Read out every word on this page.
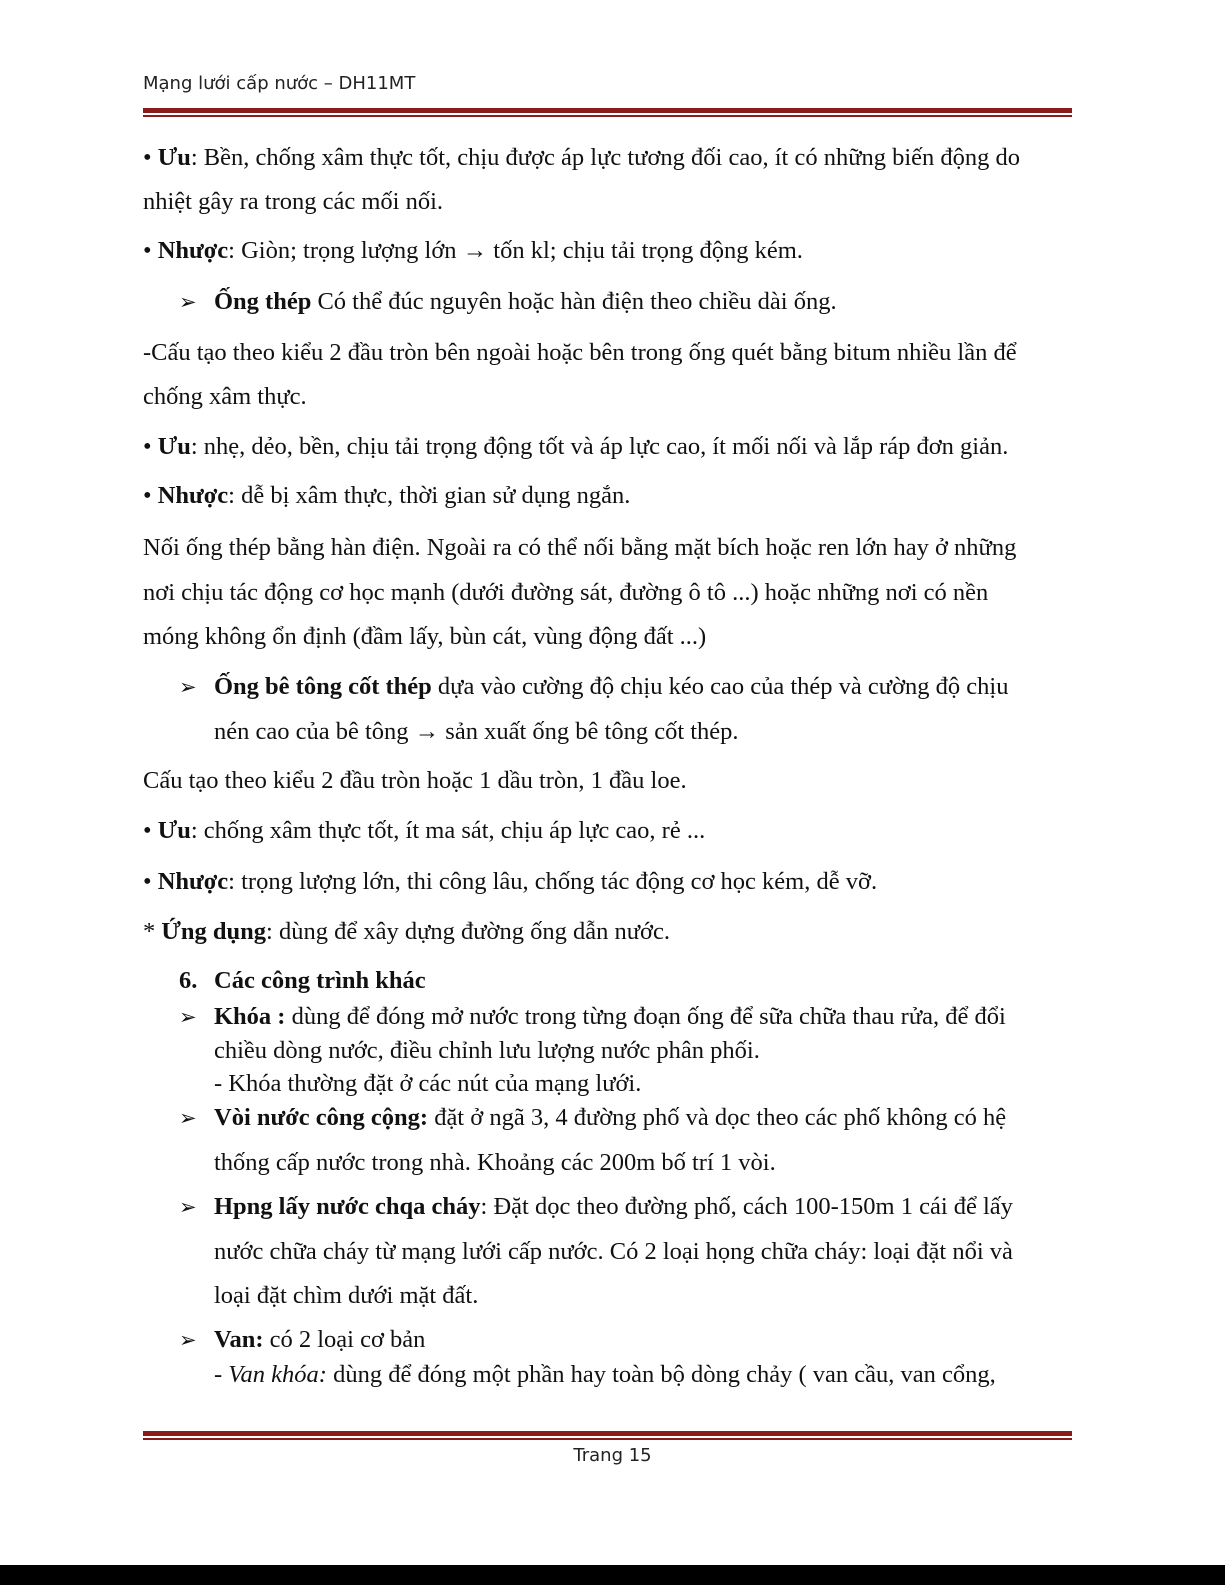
Mạng lưới cấp nước – DH11MT
• Ưu: Bền, chống xâm thực tốt, chịu được áp lực tương đối cao, ít có những biến động do
nhiệt gây ra trong các mối nối.
• Nhược: Giòn; trọng lượng lớn → tốn kl; chịu tải trọng động kém.
➢ Ống thép Có thể đúc nguyên hoặc hàn điện theo chiều dài ống.
-Cấu tạo theo kiểu 2 đầu tròn bên ngoài hoặc bên trong ống quét bằng bitum nhiều lần để
chống xâm thực.
• Ưu: nhẹ, dẻo, bền, chịu tải trọng động tốt và áp lực cao, ít mối nối và lắp ráp đơn giản.
• Nhược: dễ bị xâm thực, thời gian sử dụng ngắn.
Nối ống thép bằng hàn điện. Ngoài ra có thể nối bằng mặt bích hoặc ren lớn hay ở những
nơi chịu tác động cơ học mạnh (dưới đường sát, đường ô tô ...) hoặc những nơi có nền
móng không ổn định (đầm lấy, bùn cát, vùng động đất ...)
➢ Ống bê tông cốt thép dựa vào cường độ chịu kéo cao của thép và cường độ chịu
nén cao của bê tông → sản xuất ống bê tông cốt thép.
Cấu tạo theo kiểu 2 đầu tròn hoặc 1 dầu tròn, 1 đầu loe.
• Ưu: chống xâm thực tốt, ít ma sát, chịu áp lực cao, rẻ ...
• Nhược: trọng lượng lớn, thi công lâu, chống tác động cơ học kém, dễ vỡ.
* Ứng dụng: dùng để xây dựng đường ống dẫn nước.
6. Các công trình khác
➢ Khóa : dùng để đóng mở nước trong từng đoạn ống để sữa chữa thau rửa, để đổi
chiều dòng nước, điều chỉnh lưu lượng nước phân phối.
- Khóa thường đặt ở các nút của mạng lưới.
➢ Vòi nước công cộng: đặt ở ngã 3, 4 đường phố và dọc theo các phố không có hệ
thống cấp nước trong nhà. Khoảng các 200m bố trí 1 vòi.
➢ Hpng lấy nước chqa cháy: Đặt dọc theo đường phố, cách 100-150m 1 cái để lấy
nước chữa cháy từ mạng lưới cấp nước. Có 2 loại họng chữa cháy: loại đặt nổi và
loại đặt chìm dưới mặt đất.
➢ Van: có 2 loại cơ bản
- Van khóa: dùng để đóng một phần hay toàn bộ dòng chảy ( van cầu, van cổng,
Trang 15
